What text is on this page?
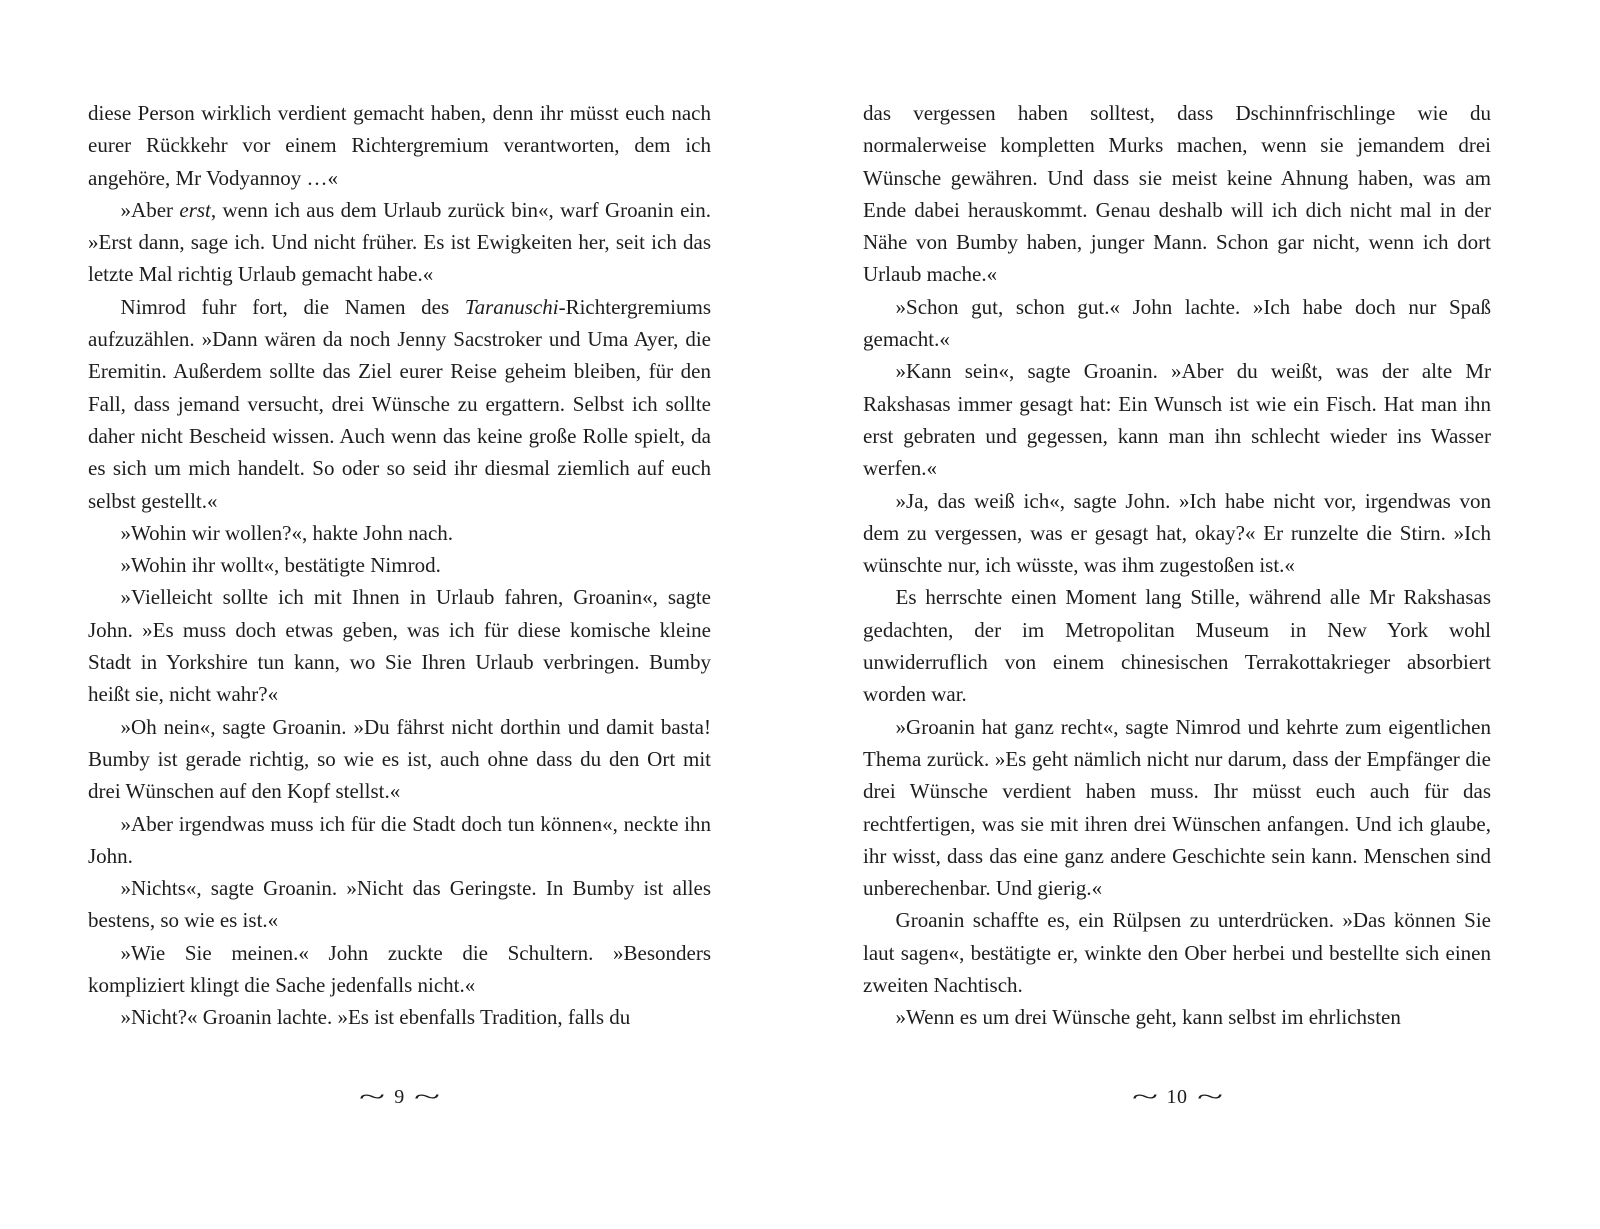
diese Person wirklich verdient gemacht haben, denn ihr müsst euch nach eurer Rückkehr vor einem Richtergremium verantworten, dem ich angehöre, Mr Vodyannoy …«

»Aber erst, wenn ich aus dem Urlaub zurück bin«, warf Groanin ein. »Erst dann, sage ich. Und nicht früher. Es ist Ewigkeiten her, seit ich das letzte Mal richtig Urlaub gemacht habe.«

Nimrod fuhr fort, die Namen des Taranuschi-Richtergremiums aufzuzählen. »Dann wären da noch Jenny Sacstroker und Uma Ayer, die Eremitin. Außerdem sollte das Ziel eurer Reise geheim bleiben, für den Fall, dass jemand versucht, drei Wünsche zu ergattern. Selbst ich sollte daher nicht Bescheid wissen. Auch wenn das keine große Rolle spielt, da es sich um mich handelt. So oder so seid ihr diesmal ziemlich auf euch selbst gestellt.«

»Wohin wir wollen?«, hakte John nach.

»Wohin ihr wollt«, bestätigte Nimrod.

»Vielleicht sollte ich mit Ihnen in Urlaub fahren, Groanin«, sagte John. »Es muss doch etwas geben, was ich für diese komische kleine Stadt in Yorkshire tun kann, wo Sie Ihren Urlaub verbringen. Bumby heißt sie, nicht wahr?«

»Oh nein«, sagte Groanin. »Du fährst nicht dorthin und damit basta! Bumby ist gerade richtig, so wie es ist, auch ohne dass du den Ort mit drei Wünschen auf den Kopf stellst.«

»Aber irgendwas muss ich für die Stadt doch tun können«, neckte ihn John.

»Nichts«, sagte Groanin. »Nicht das Geringste. In Bumby ist alles bestens, so wie es ist.«

»Wie Sie meinen.« John zuckte die Schultern. »Besonders kompliziert klingt die Sache jedenfalls nicht.«

»Nicht?« Groanin lachte. »Es ist ebenfalls Tradition, falls du

das vergessen haben solltest, dass Dschinnfrischlinge wie du normalerweise kompletten Murks machen, wenn sie jemandem drei Wünsche gewähren. Und dass sie meist keine Ahnung haben, was am Ende dabei herauskommt. Genau deshalb will ich dich nicht mal in der Nähe von Bumby haben, junger Mann. Schon gar nicht, wenn ich dort Urlaub mache.«

»Schon gut, schon gut.« John lachte. »Ich habe doch nur Spaß gemacht.«

»Kann sein«, sagte Groanin. »Aber du weißt, was der alte Mr Rakshasas immer gesagt hat: Ein Wunsch ist wie ein Fisch. Hat man ihn erst gebraten und gegessen, kann man ihn schlecht wieder ins Wasser werfen.«

»Ja, das weiß ich«, sagte John. »Ich habe nicht vor, irgendwas von dem zu vergessen, was er gesagt hat, okay?« Er runzelte die Stirn. »Ich wünschte nur, ich wüsste, was ihm zugestoßen ist.«

Es herrschte einen Moment lang Stille, während alle Mr Rakshasas gedachten, der im Metropolitan Museum in New York wohl unwiderruflich von einem chinesischen Terrakottakrieger absorbiert worden war.

»Groanin hat ganz recht«, sagte Nimrod und kehrte zum eigentlichen Thema zurück. »Es geht nämlich nicht nur darum, dass der Empfänger die drei Wünsche verdient haben muss. Ihr müsst euch auch für das rechtfertigen, was sie mit ihren drei Wünschen anfangen. Und ich glaube, ihr wisst, dass das eine ganz andere Geschichte sein kann. Menschen sind unberechenbar. Und gierig.«

Groanin schaffte es, ein Rülpsen zu unterdrücken. »Das können Sie laut sagen«, bestätigte er, winkte den Ober herbei und bestellte sich einen zweiten Nachtisch.

»Wenn es um drei Wünsche geht, kann selbst im ehrlichsten

~ 9 ~	~ 10 ~
